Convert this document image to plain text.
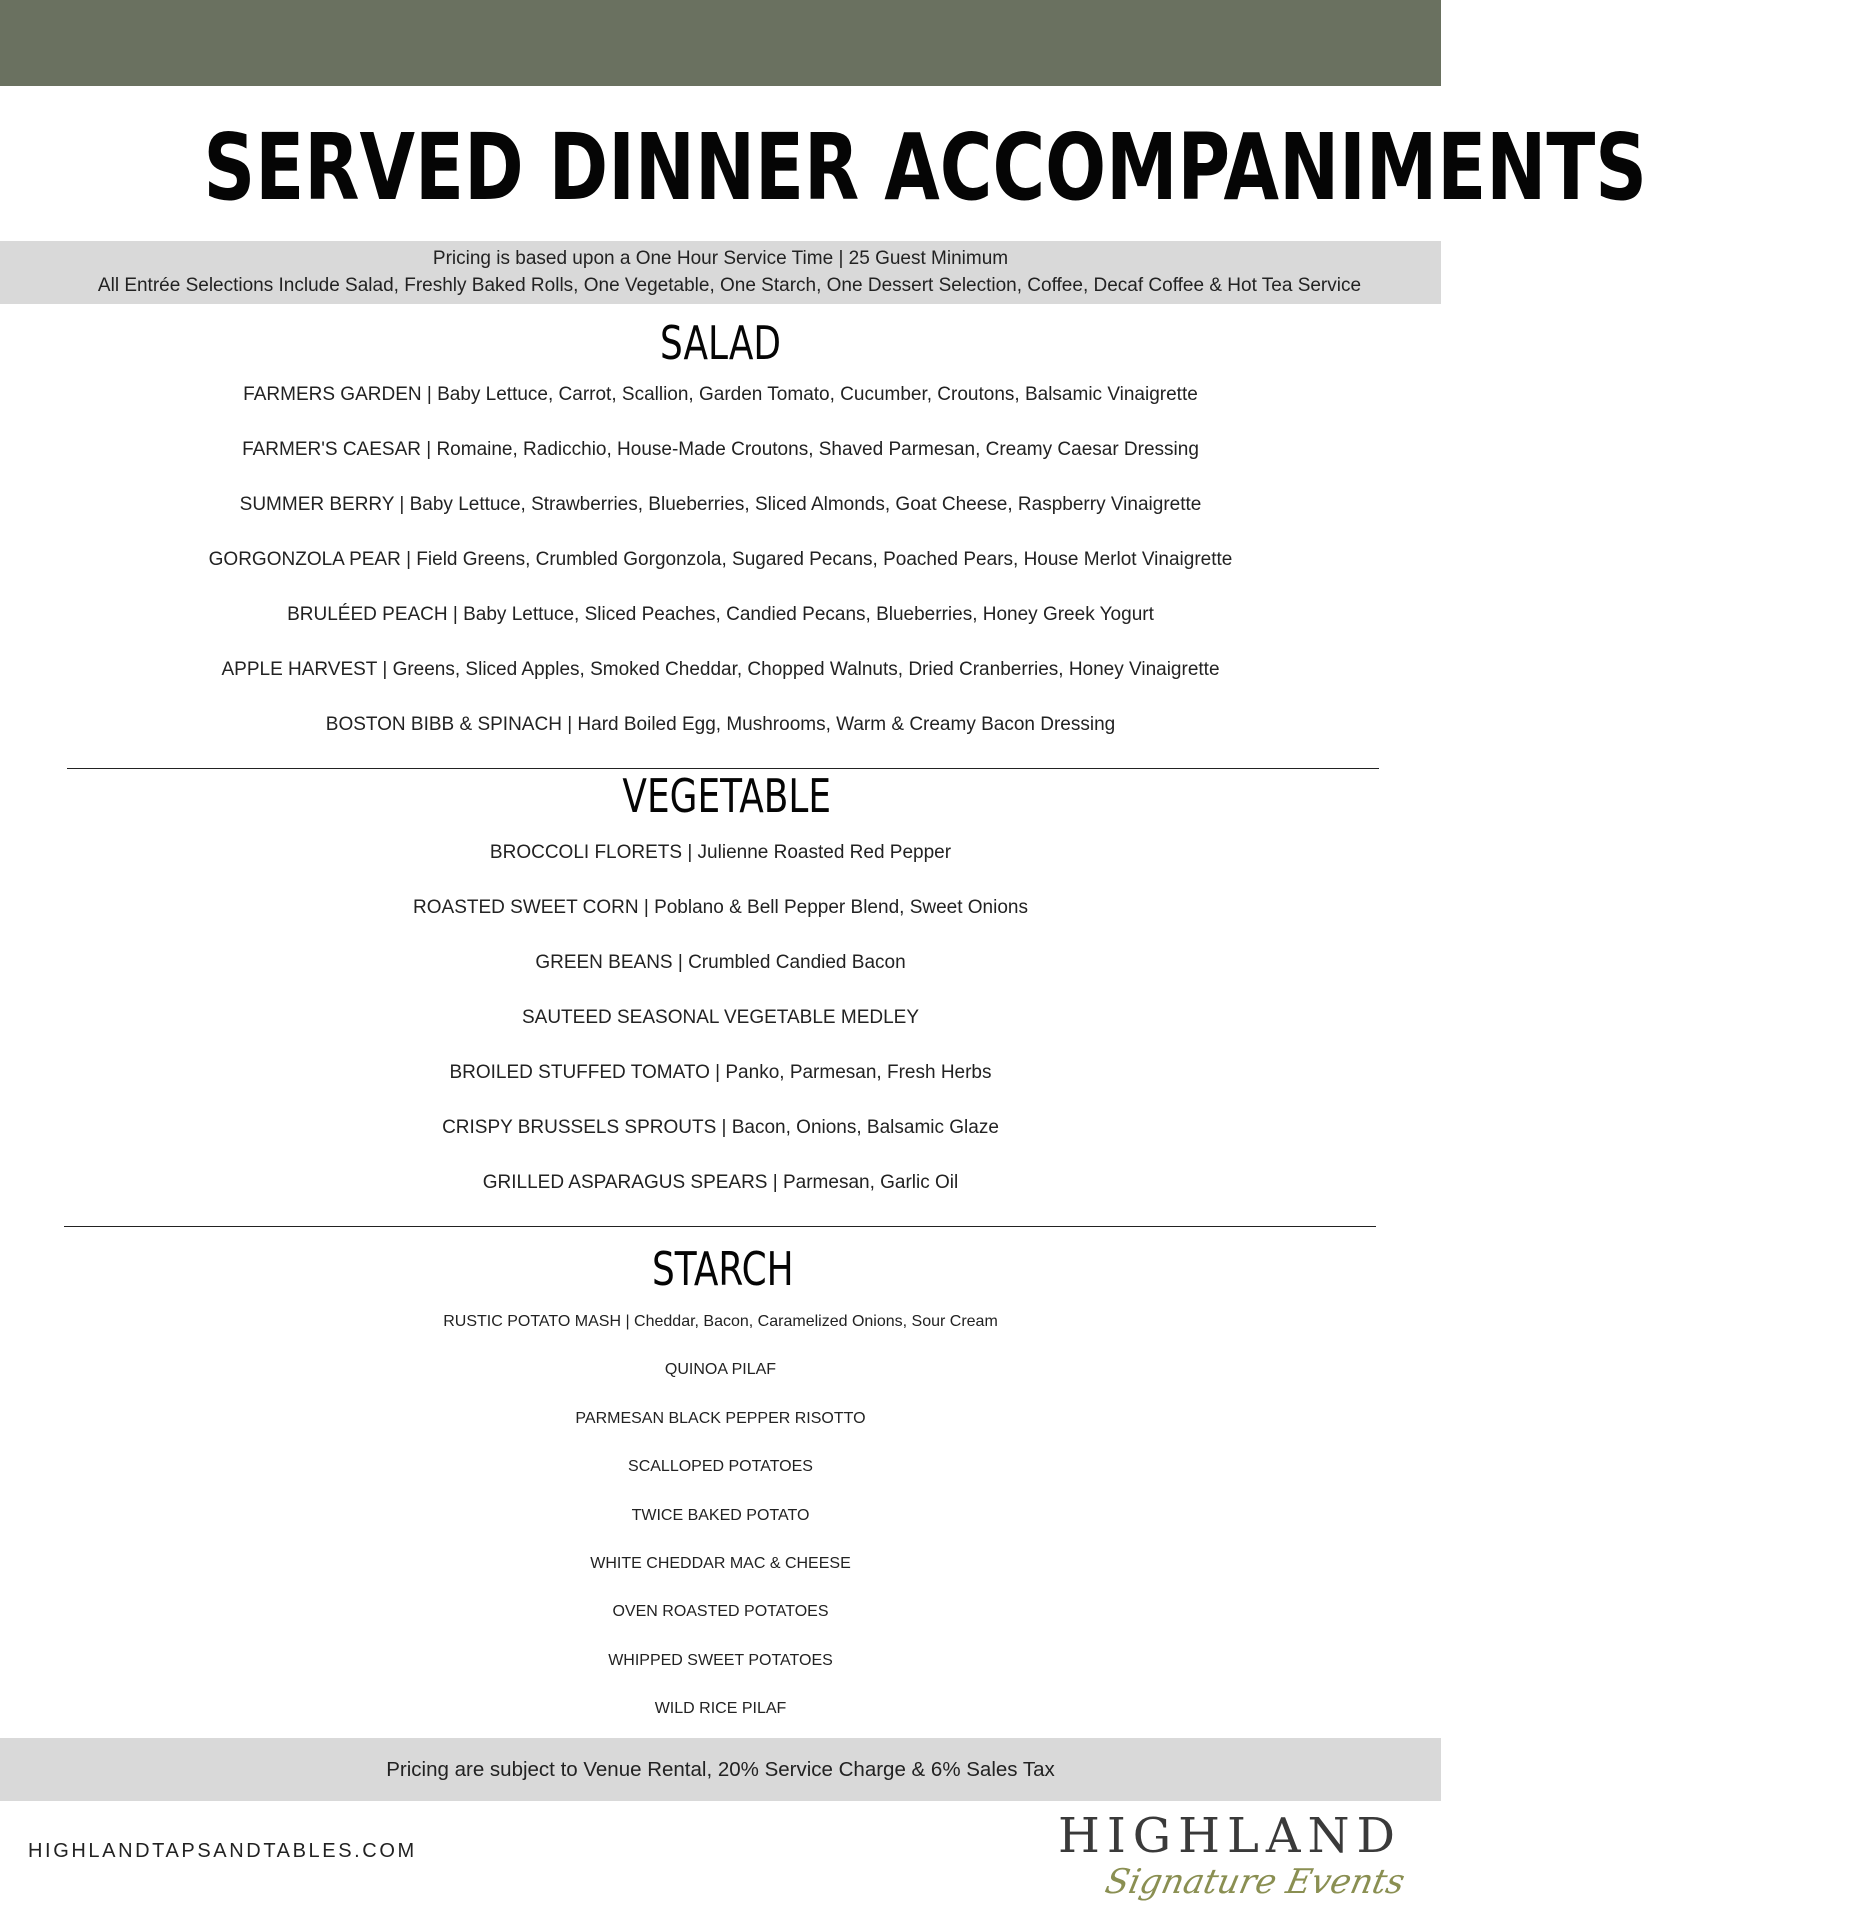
SERVED DINNER ACCOMPANIMENTS
Pricing is based upon a One Hour Service Time | 25 Guest Minimum
All Entrée Selections Include Salad, Freshly Baked Rolls, One Vegetable, One Starch, One Dessert Selection, Coffee, Decaf Coffee & Hot Tea Service
SALAD
FARMERS GARDEN | Baby Lettuce, Carrot, Scallion, Garden Tomato, Cucumber, Croutons, Balsamic Vinaigrette
FARMER'S CAESAR | Romaine, Radicchio, House-Made Croutons, Shaved Parmesan, Creamy Caesar Dressing
SUMMER BERRY | Baby Lettuce, Strawberries, Blueberries, Sliced Almonds, Goat Cheese, Raspberry Vinaigrette
GORGONZOLA PEAR | Field Greens, Crumbled Gorgonzola, Sugared Pecans, Poached Pears, House Merlot Vinaigrette
BRULÉED PEACH | Baby Lettuce, Sliced Peaches, Candied Pecans, Blueberries, Honey Greek Yogurt
APPLE HARVEST | Greens, Sliced Apples, Smoked Cheddar, Chopped Walnuts, Dried Cranberries, Honey Vinaigrette
BOSTON BIBB & SPINACH | Hard Boiled Egg, Mushrooms, Warm & Creamy Bacon Dressing
VEGETABLE
BROCCOLI FLORETS | Julienne Roasted Red Pepper
ROASTED SWEET CORN | Poblano & Bell Pepper Blend, Sweet Onions
GREEN BEANS | Crumbled Candied Bacon
SAUTEED SEASONAL VEGETABLE MEDLEY
BROILED STUFFED TOMATO | Panko, Parmesan, Fresh Herbs
CRISPY BRUSSELS SPROUTS | Bacon, Onions, Balsamic Glaze
GRILLED ASPARAGUS SPEARS | Parmesan, Garlic Oil
STARCH
RUSTIC POTATO MASH | Cheddar, Bacon, Caramelized Onions, Sour Cream
QUINOA PILAF
PARMESAN BLACK PEPPER RISOTTO
SCALLOPED POTATOES
TWICE BAKED POTATO
WHITE CHEDDAR MAC & CHEESE
OVEN ROASTED POTATOES
WHIPPED SWEET POTATOES
WILD RICE PILAF
Pricing are subject to Venue Rental, 20% Service Charge & 6% Sales Tax
HIGHLANDTAPSANDTABLES.COM	HIGHLAND
Signature Events
